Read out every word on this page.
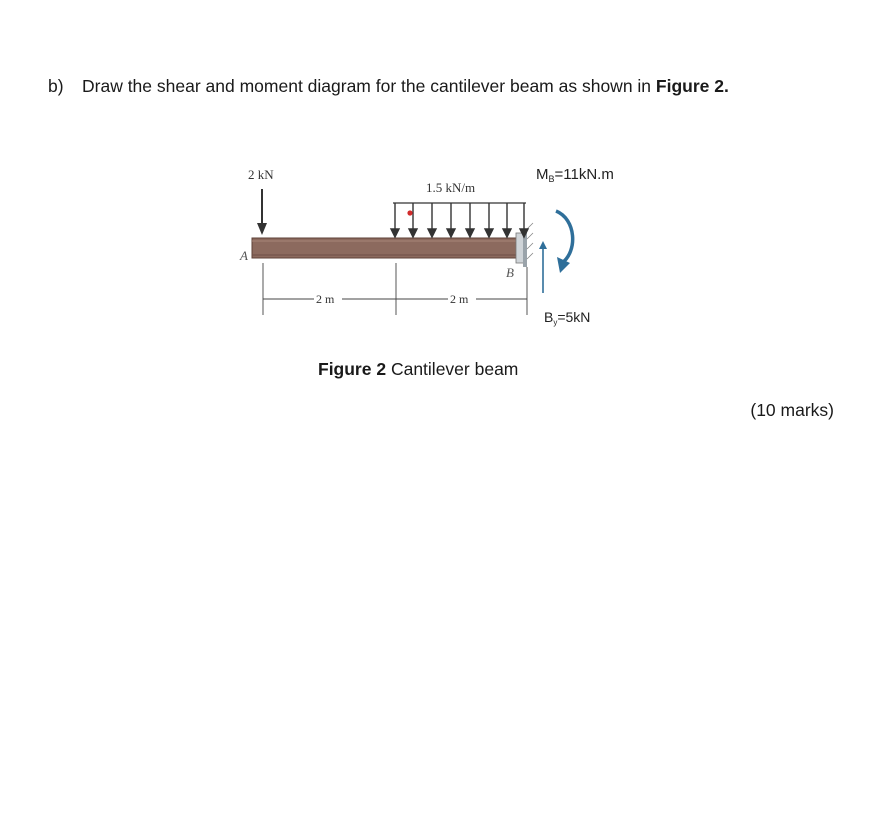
b) Draw the shear and moment diagram for the cantilever beam as shown in Figure 2.
2 kN
A
B
1.5 kN/m
$M_B=11kN.m$
$B_y=5kN$
2 m	2 m
Figure 2 Cantilever beam
(10 marks)
